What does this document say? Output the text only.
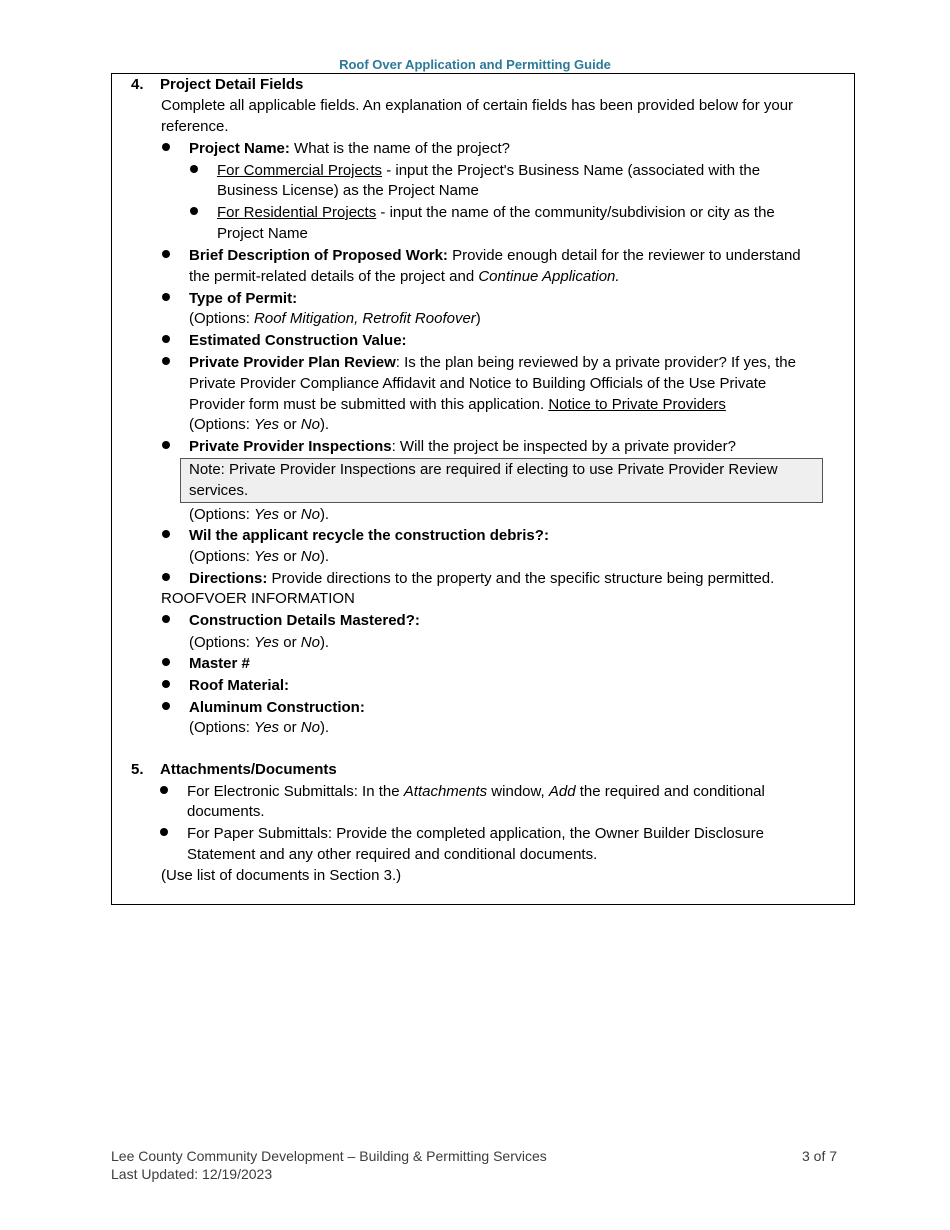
Roof Over Application and Permitting Guide
4. Project Detail Fields
Complete all applicable fields. An explanation of certain fields has been provided below for your
reference.
Project Name: What is the name of the project?
For Commercial Projects - input the Project's Business Name (associated with the
Business License) as the Project Name
For Residential Projects - input the name of the community/subdivision or city as the
Project Name
Brief Description of Proposed Work: Provide enough detail for the reviewer to understand
the permit-related details of the project and Continue Application.
Type of Permit:
(Options: Roof Mitigation, Retrofit Roofover)
Estimated Construction Value:
Private Provider Plan Review: Is the plan being reviewed by a private provider? If yes, the
Private Provider Compliance Affidavit and Notice to Building Officials of the Use Private
Provider form must be submitted with this application. Notice to Private Providers
(Options: Yes or No).
Private Provider Inspections: Will the project be inspected by a private provider?
Note: Private Provider Inspections are required if electing to use Private Provider Review
services.
(Options: Yes or No).
Wil the applicant recycle the construction debris?:
(Options: Yes or No).
Directions: Provide directions to the property and the specific structure being permitted.
ROOFVOER INFORMATION
Construction Details Mastered?:
(Options: Yes or No).
Master #
Roof Material:
Aluminum Construction:
(Options: Yes or No).
5. Attachments/Documents
For Electronic Submittals: In the Attachments window, Add the required and conditional
documents.
For Paper Submittals: Provide the completed application, the Owner Builder Disclosure
Statement and any other required and conditional documents.
(Use list of documents in Section 3.)
Lee County Community Development – Building & Permitting Services
Last Updated: 12/19/2023
3 of 7
